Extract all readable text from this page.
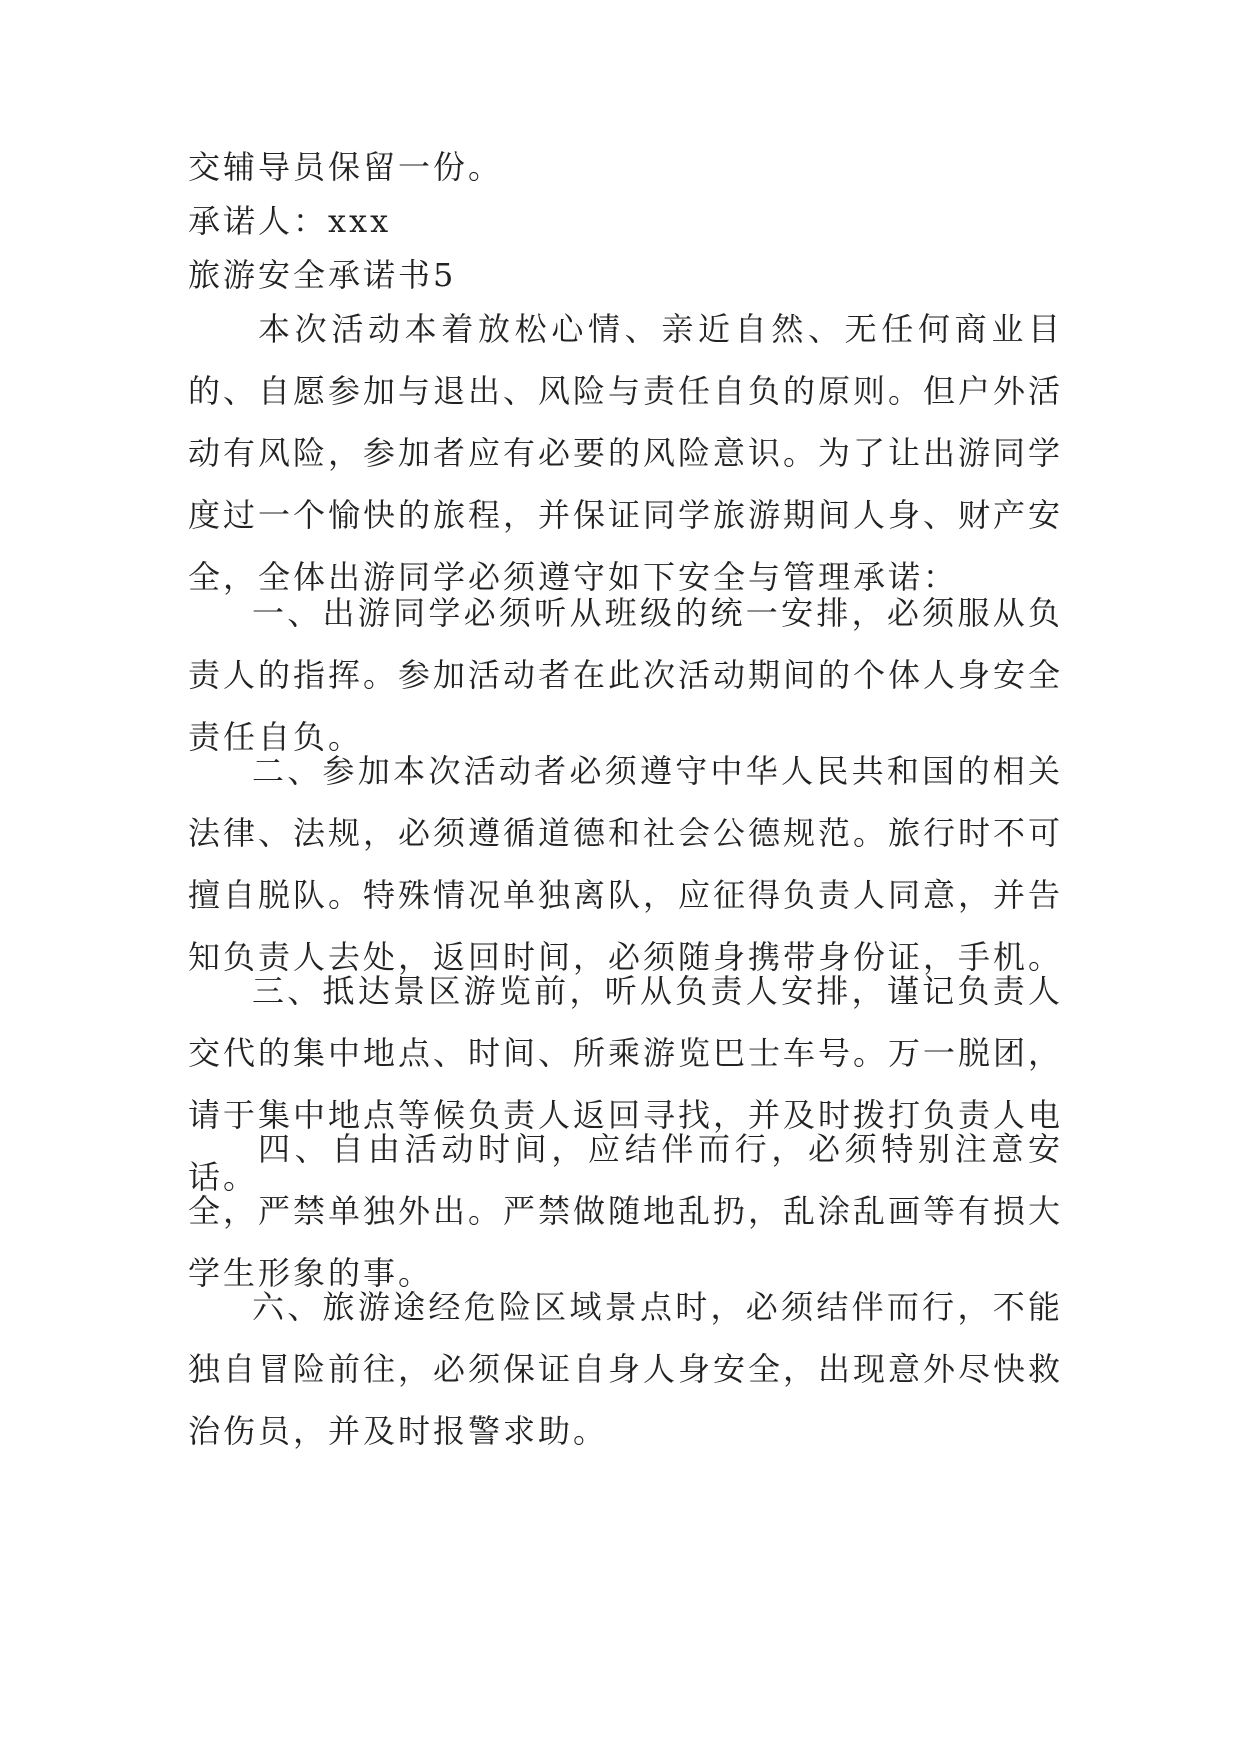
交辅导员保留一份。

承诺人：xxx

旅游安全承诺书5

本次活动本着放松心情、亲近自然、无任何商业目的、自愿参加与退出、风险与责任自负的原则。但户外活动有风险，参加者应有必要的风险意识。为了让出游同学度过一个愉快的旅程，并保证同学旅游期间人身、财产安全，全体出游同学必须遵守如下安全与管理承诺：

一、出游同学必须听从班级的统一安排，必须服从负责人的指挥。参加活动者在此次活动期间的个体人身安全责任自负。

二、参加本次活动者必须遵守中华人民共和国的相关法律、法规，必须遵循道德和社会公德规范。旅行时不可擅自脱队。特殊情况单独离队，应征得负责人同意，并告知负责人去处，返回时间，必须随身携带身份证，手机。

三、抵达景区游览前，听从负责人安排，谨记负责人交代的集中地点、时间、所乘游览巴士车号。万一脱团，请于集中地点等候负责人返回寻找，并及时拨打负责人电话。

四、自由活动时间，应结伴而行，必须特别注意安全，严禁单独外出。严禁做随地乱扔，乱涂乱画等有损大学生形象的事。

六、旅游途经危险区域景点时，必须结伴而行，不能独自冒险前往，必须保证自身人身安全，出现意外尽快救治伤员，并及时报警求助。
